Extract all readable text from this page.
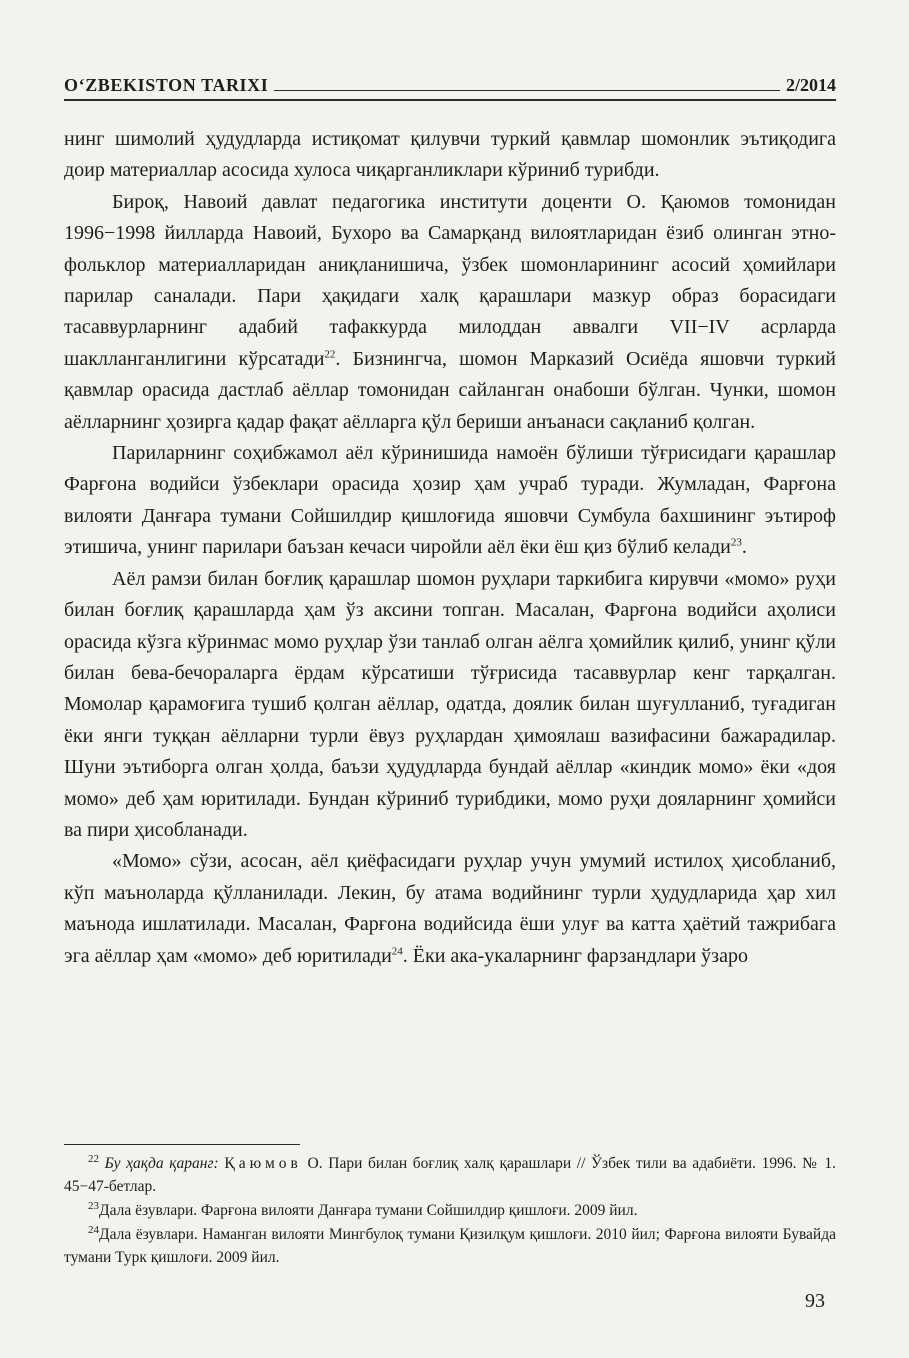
O‘ZBEKISTON TARIXI	2/2014

нинг шимолий ҳудудларда истиқомат қилувчи туркий қавмлар шомонлик эътиқодига доир материаллар асосида хулоса чиқарганликлари кўриниб турибди.

Бироқ, Навоий давлат педагогика институти доценти О. Қаюмов томонидан 1996−1998 йилларда Навоий, Бухоро ва Самарқанд вилоятларидан ёзиб олинган этно-фольклор материалларидан аниқланишича, ўзбек шомонларининг асосий ҳомийлари парилар саналади. Пари ҳақидаги халқ қарашлари мазкур образ борасидаги тасаввурларнинг адабий тафаккурда милоддан аввалги VII−IV асрларда шаклланганлигини кўрсатади$^{22}$. Бизнингча, шомон Марказий Осиёда яшовчи туркий қавмлар орасида дастлаб аёллар томонидан сайланган онабоши бўлган. Чунки, шомон аёлларнинг ҳозирга қадар фақат аёлларга қўл бериши анъанаси сақланиб қолган.

Париларнинг соҳибжамол аёл кўринишида намоён бўлиши тўғрисидаги қарашлар Фарғона водийси ўзбеклари орасида ҳозир ҳам учраб туради. Жумладан, Фарғона вилояти Данғара тумани Сойшилдир қишлоғида яшовчи Сумбула бахшининг эътироф этишича, унинг парилари баъзан кечаси чиройли аёл ёки ёш қиз бўлиб келади$^{23}$.

Аёл рамзи билан боғлиқ қарашлар шомон руҳлари таркибига кирувчи «момо» руҳи билан боғлиқ қарашларда ҳам ўз аксини топган. Масалан, Фарғона водийси аҳолиси орасида кўзга кўринмас момо руҳлар ўзи танлаб олган аёлга ҳомийлик қилиб, унинг қўли билан бева-бечораларга ёрдам кўрсатиши тўғрисида тасаввурлар кенг тарқалган. Момолар қарамоғига тушиб қолган аёллар, одатда, доялик билан шуғулланиб, туғадиган ёки янги туққан аёлларни турли ёвуз руҳлардан ҳимоялаш вазифасини бажарадилар. Шуни эътиборга олган ҳолда, баъзи ҳудудларда бундай аёллар «киндик момо» ёки «доя момо» деб ҳам юритилади. Бундан кўриниб турибдики, момо руҳи дояларнинг ҳомийси ва пири ҳисобланади.

«Момо» сўзи, асосан, аёл қиёфасидаги руҳлар учун умумий истилоҳ ҳисобланиб, кўп маъноларда қўлланилади. Лекин, бу атама водийнинг турли ҳудудларида ҳар хил маънода ишлатилади. Масалан, Фарғона водийсида ёши улуғ ва катта ҳаётий тажрибага эга аёллар ҳам «момо» деб юритилади$^{24}$. Ёки ака-укаларнинг фарзандлари ўзаро

$^{22}$ Бу ҳақда қаранг: Қаюмов О. Пари билан боғлиқ халқ қарашлари // Ўзбек тили ва адабиёти. 1996. № 1. 45−47-бетлар.

$^{23}$Дала ёзувлари. Фарғона вилояти Данғара тумани Сойшилдир қишлоғи. 2009 йил.

$^{24}$Дала ёзувлари. Наманган вилояти Мингбулоқ тумани Қизилқум қишлоғи. 2010 йил; Фарғона вилояти Бувайда тумани Турк қишлоғи. 2009 йил.

93
